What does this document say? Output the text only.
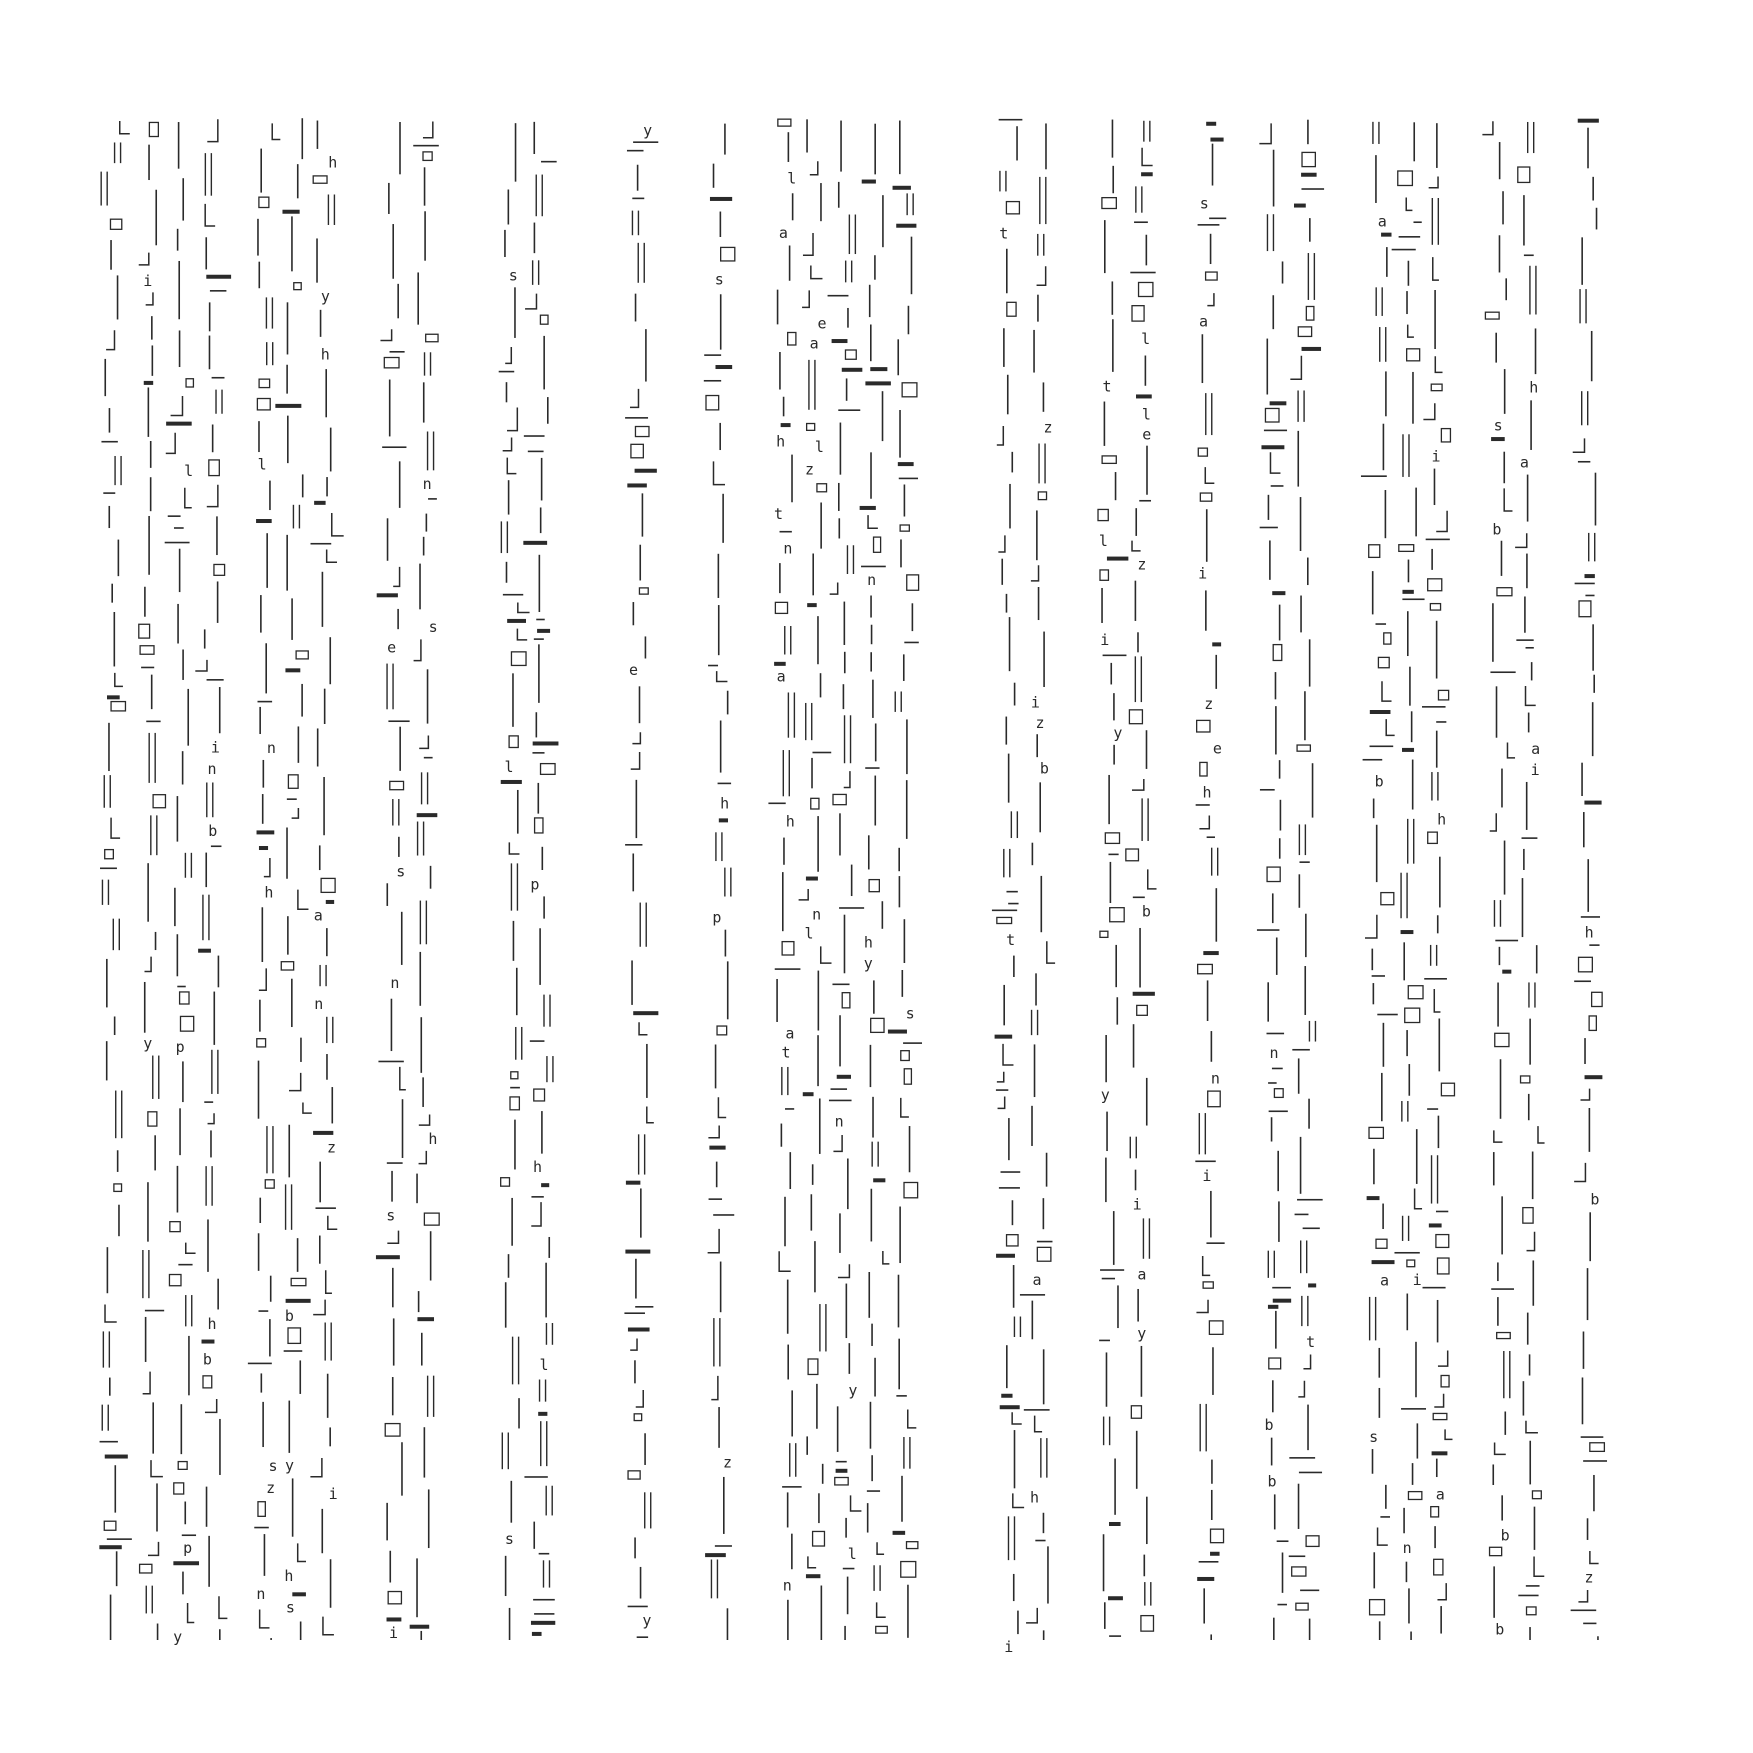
i
y
l
p
p
y
i
n
b
h
b
l
n
h
s
z
n
b
y
h
s
h
y
h
a
n
z
i
e
s
n
s
i
n
s
h
s
l
s
p
h
l
y
e
y
s
h
p
z
l
a
h
t
n
a
h
a
t
n
e
a
l
z
n
l
n
y
l
n
h
y
s
t
t
i
z
i
z
b
a
h
t
l
i
y
y
l
l
e
z
b
i
a
y
s
a
i
z
e
h
n
i
n
b
b
t
a
b
a
s
i
n
i
h
a
s
b
b
b
h
a
a
i
h
b
z
